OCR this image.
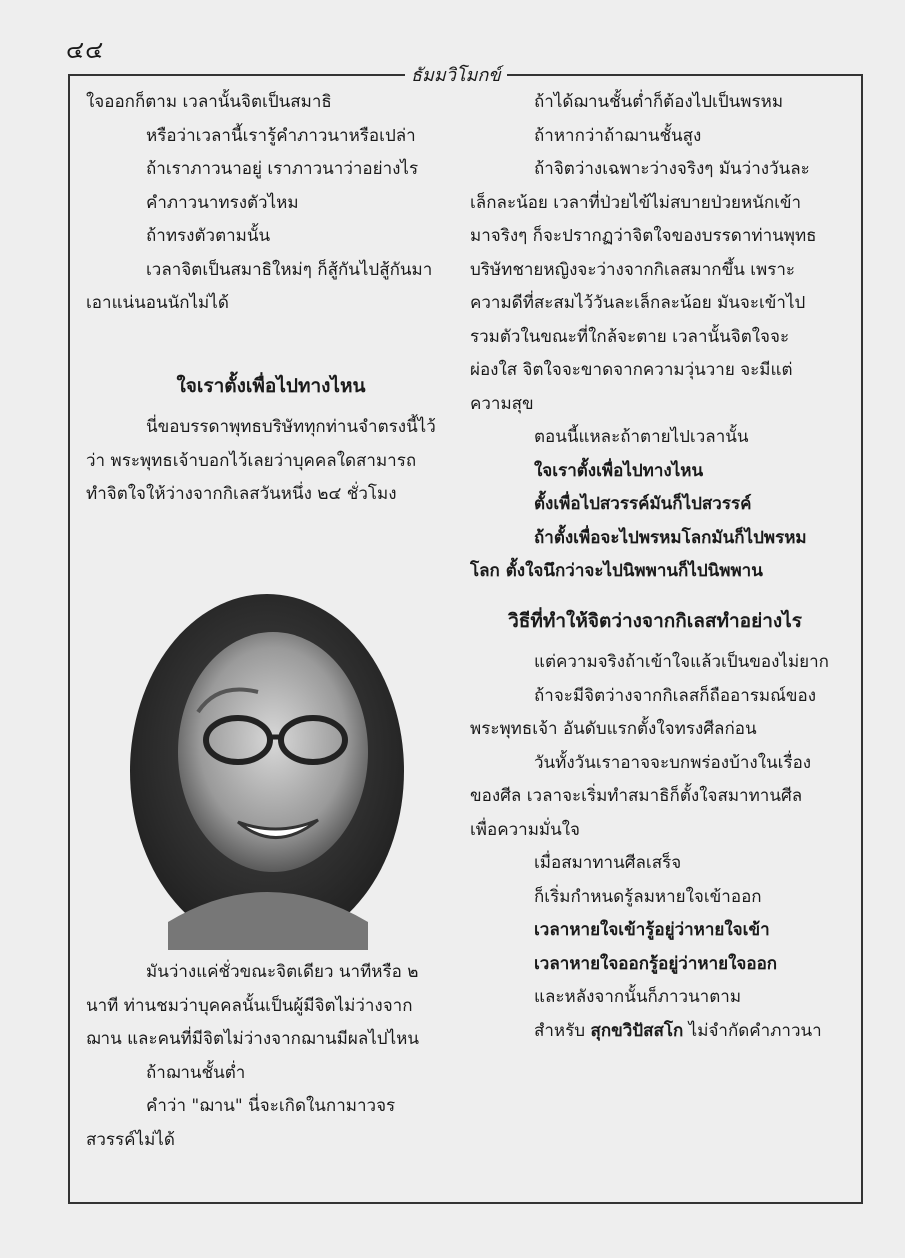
๔๔
ธัมมวิโมกข์

ใจออกก็ตาม เวลานั้นจิตเป็นสมาธิ

หรือว่าเวลานี้เรารู้คำภาวนาหรือเปล่า

ถ้าเราภาวนาอยู่ เราภาวนาว่าอย่างไร

คำภาวนาทรงตัวไหม

ถ้าทรงตัวตามนั้น

เวลาจิตเป็นสมาธิใหม่ๆ ก็สู้กันไปสู้กันมา

เอาแน่นอนนักไม่ได้

ใจเราตั้งเพื่อไปทางไหน

นี่ขอบรรดาพุทธบริษัททุกท่านจำตรงนี้ไว้

ว่า พระพุทธเจ้าบอกไว้เลยว่าบุคคลใดสามารถ

ทำจิตใจให้ว่างจากกิเลสวันหนึ่ง ๒๔ ชั่วโมง

มันว่างแค่ชั่วขณะจิตเดียว นาทีหรือ ๒

นาที ท่านชมว่าบุคคลนั้นเป็นผู้มีจิตไม่ว่างจาก

ฌาน และคนที่มีจิตไม่ว่างจากฌานมีผลไปไหน

ถ้าฌานชั้นต่ำ

คำว่า "ฌาน" นี่จะเกิดในกามาวจร

สวรรค์ไม่ได้

ถ้าได้ฌานชั้นต่ำก็ต้องไปเป็นพรหม

ถ้าหากว่าถ้าฌานชั้นสูง

ถ้าจิตว่างเฉพาะว่างจริงๆ มันว่างวันละ

เล็กละน้อย เวลาที่ป่วยไข้ไม่สบายป่วยหนักเข้า

มาจริงๆ ก็จะปรากฏว่าจิตใจของบรรดาท่านพุทธ

บริษัทชายหญิงจะว่างจากกิเลสมากขึ้น เพราะ

ความดีที่สะสมไว้วันละเล็กละน้อย มันจะเข้าไป

รวมตัวในขณะที่ใกล้จะตาย เวลานั้นจิตใจจะ

ผ่องใส จิตใจจะขาดจากความวุ่นวาย จะมีแต่

ความสุข

ตอนนี้แหละถ้าตายไปเวลานั้น

ใจเราตั้งเพื่อไปทางไหน

ตั้งเพื่อไปสวรรค์มันก็ไปสวรรค์

ถ้าตั้งเพื่อจะไปพรหมโลกมันก็ไปพรหม

โลก ตั้งใจนึกว่าจะไปนิพพานก็ไปนิพพาน

วิธีที่ทำให้จิตว่างจากกิเลสทำอย่างไร

แต่ความจริงถ้าเข้าใจแล้วเป็นของไม่ยาก

ถ้าจะมีจิตว่างจากกิเลสก็ถืออารมณ์ของ

พระพุทธเจ้า อันดับแรกตั้งใจทรงศีลก่อน

วันทั้งวันเราอาจจะบกพร่องบ้างในเรื่อง

ของศีล เวลาจะเริ่มทำสมาธิก็ตั้งใจสมาทานศีล

เพื่อความมั่นใจ

เมื่อสมาทานศีลเสร็จ

ก็เริ่มกำหนดรู้ลมหายใจเข้าออก

เวลาหายใจเข้ารู้อยู่ว่าหายใจเข้า

เวลาหายใจออกรู้อยู่ว่าหายใจออก

และหลังจากนั้นก็ภาวนาตาม

สำหรับ สุกขวิปัสสโก ไม่จำกัดคำภาวนา
